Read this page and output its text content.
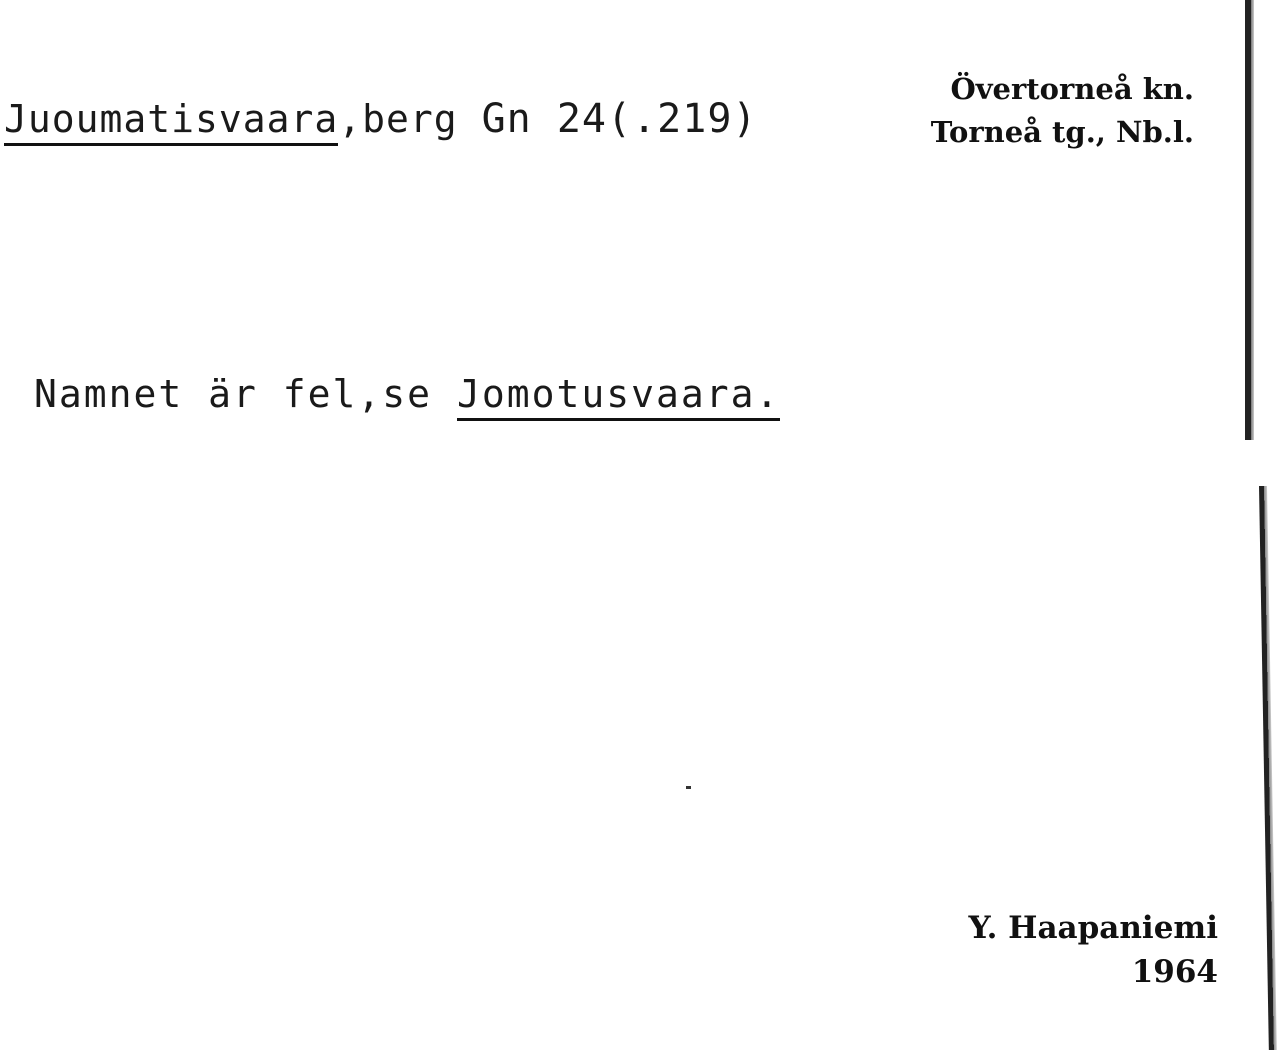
Juoumatisvaara,berg Gn 24(.219)
Namnet är fel,se Jomotusvaara.
Övertorneå kn.
Torneå tg., Nb.l.
Y. Haapaniemi
1964
